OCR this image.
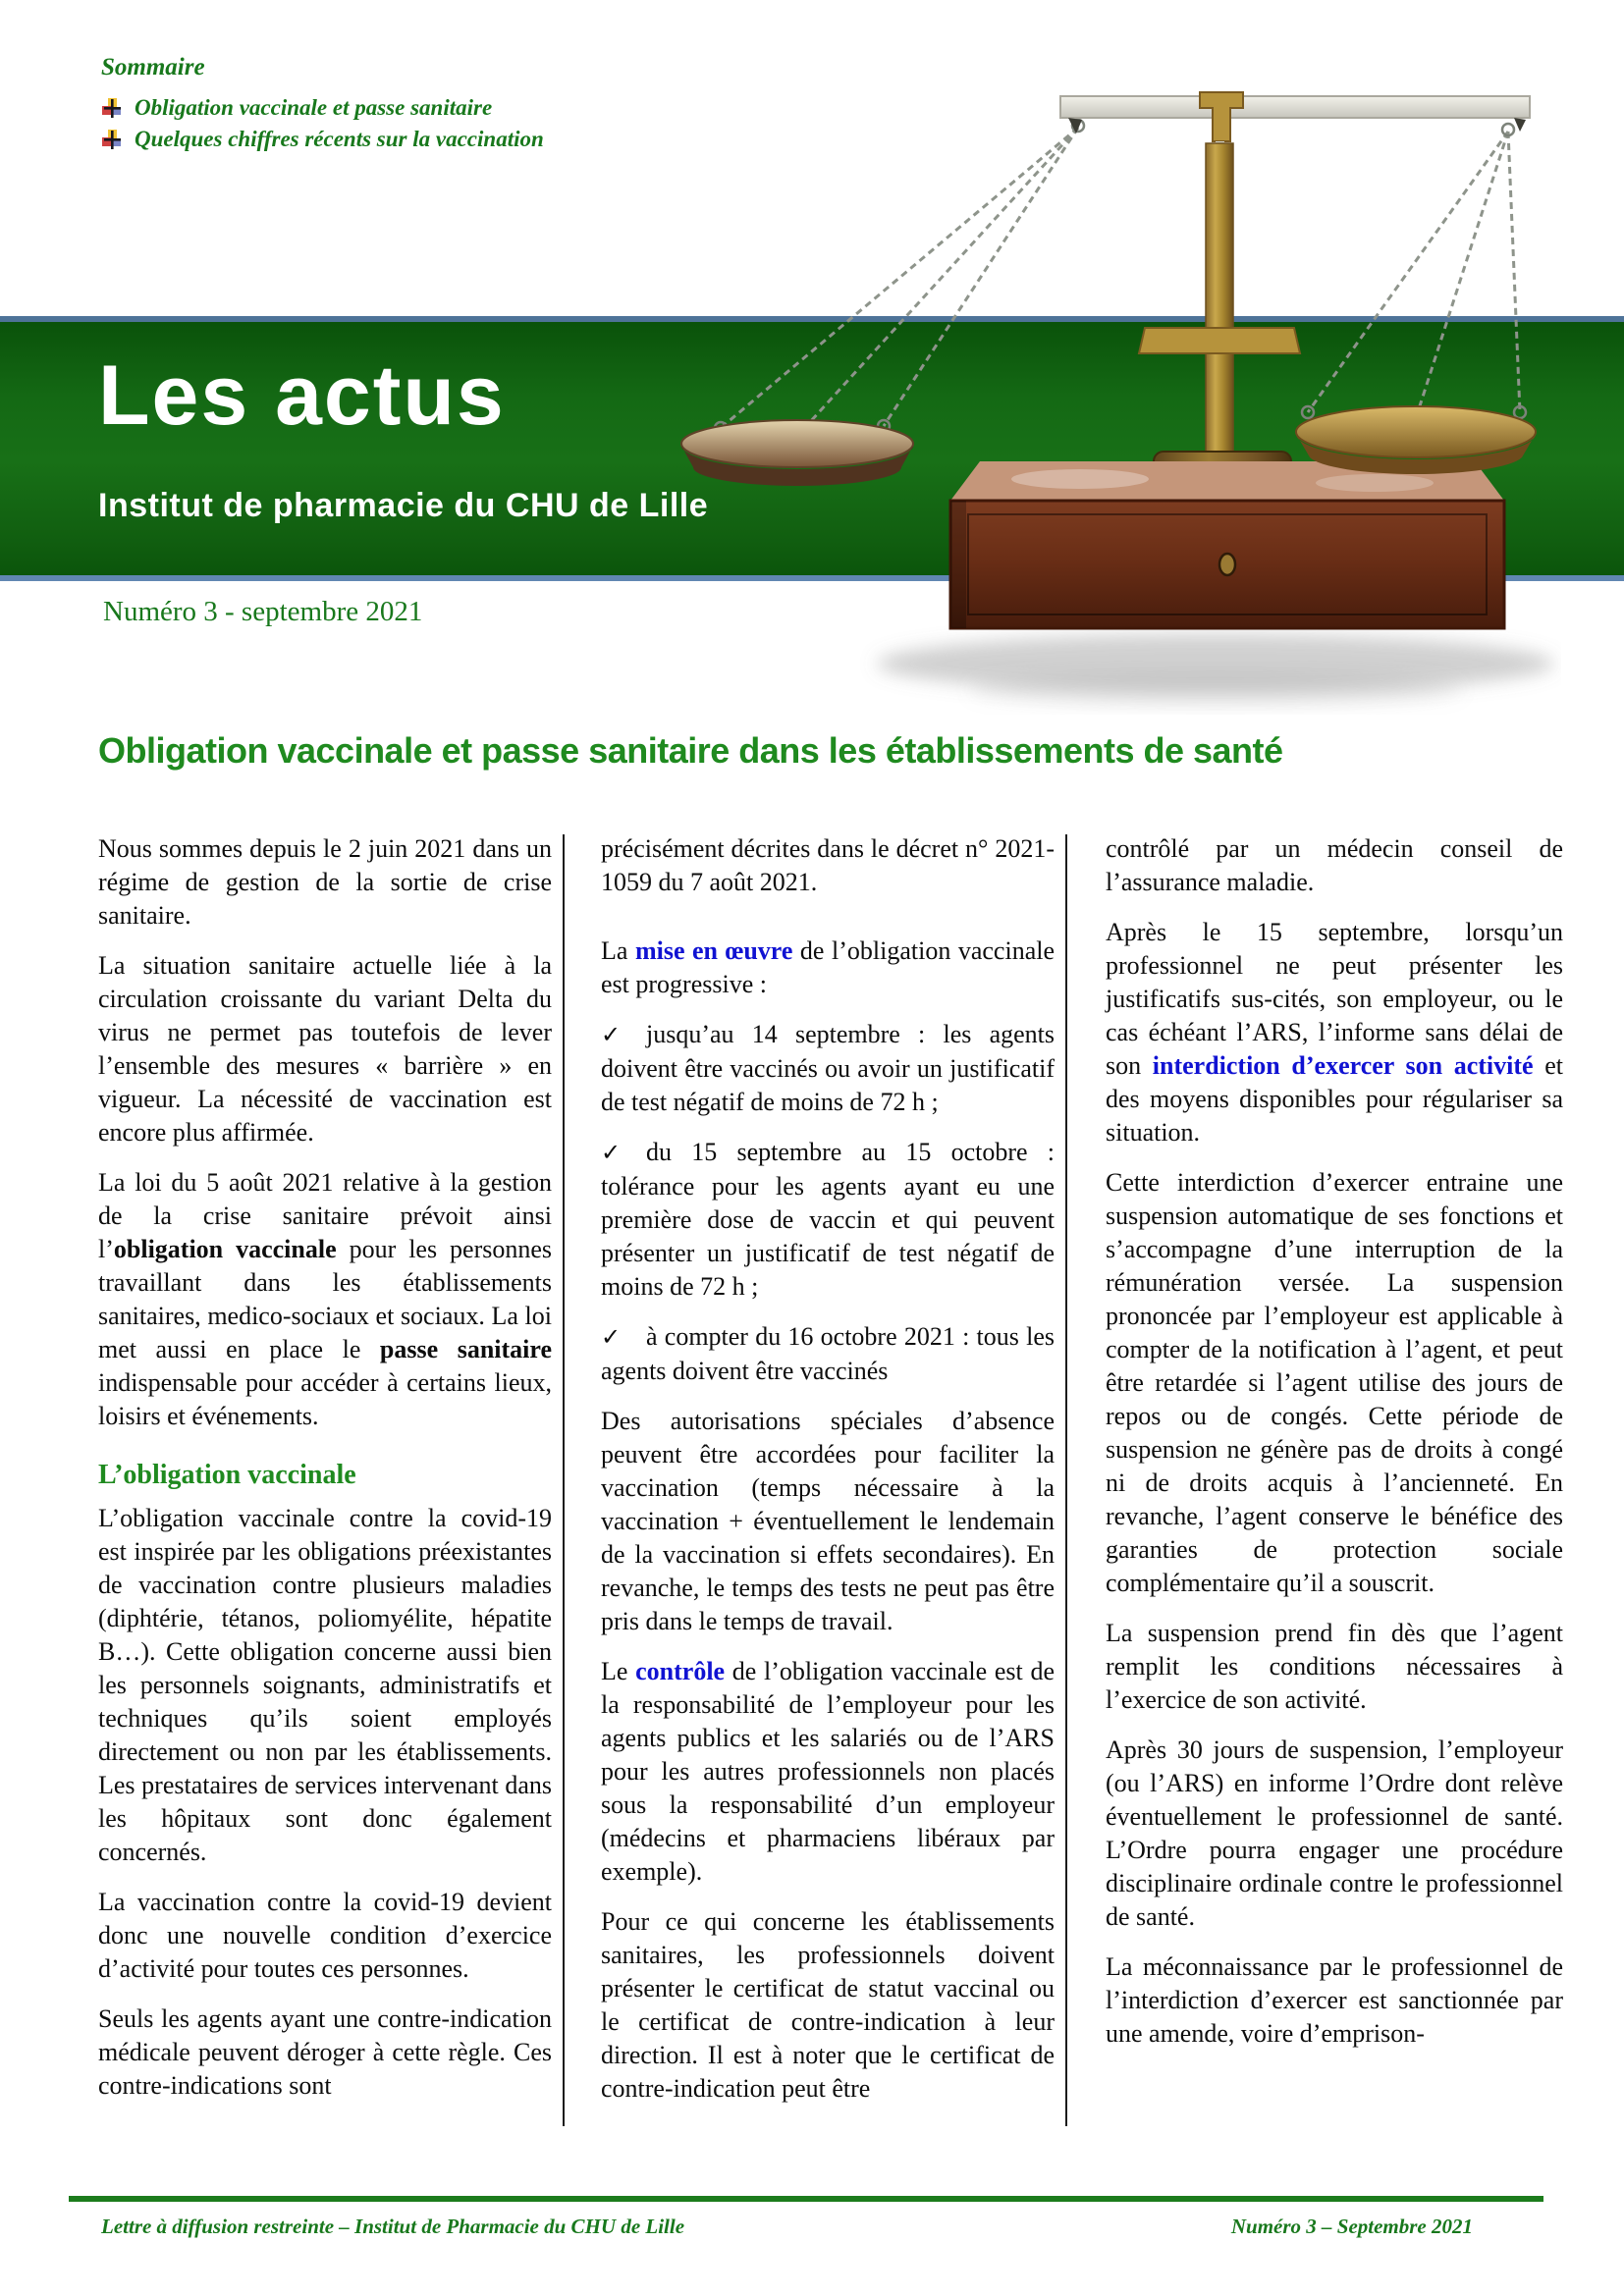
Sommaire
Obligation vaccinale et passe sanitaire
Quelques chiffres récents sur la vaccination
Les actus
Institut de pharmacie du CHU de Lille
Numéro 3 - septembre 2021
Obligation vaccinale et passe sanitaire dans les établissements de santé

Nous sommes depuis le 2 juin 2021 dans un régime de gestion de la sortie de crise sanitaire.

La situation sanitaire actuelle liée à la circulation croissante du variant Delta du virus ne permet pas toutefois de lever l’ensemble des mesures « barrière » en vigueur. La nécessité de vaccination est encore plus affirmée.

La loi du 5 août 2021 relative à la gestion de la crise sanitaire prévoit ainsi l’obligation vaccinale pour les personnes travaillant dans les établissements sanitaires, medico-sociaux et sociaux. La loi met aussi en place le passe sanitaire indispensable pour accéder à certains lieux, loisirs et événements.

L’obligation vaccinale

L’obligation vaccinale contre la covid-19 est inspirée par les obligations préexistantes de vaccination contre plusieurs maladies (diphtérie, tétanos, poliomyélite, hépatite B…). Cette obligation concerne aussi bien les personnels soignants, administratifs et techniques qu’ils soient employés directement ou non par les établissements. Les prestataires de services intervenant dans les hôpitaux sont donc également concernés.

La vaccination contre la covid-19 devient donc une nouvelle condition d’exercice d’activité pour toutes ces personnes.

Seuls les agents ayant une contre-indication médicale peuvent déroger à cette règle. Ces contre-indications sont

précisément décrites dans le décret n° 2021-1059 du 7 août 2021.

La mise en œuvre de l’obligation vaccinale est progressive :

✓ jusqu’au 14 septembre : les agents doivent être vaccinés ou avoir un justificatif de test négatif de moins de 72 h ;

✓ du 15 septembre au 15 octobre : tolérance pour les agents ayant eu une première dose de vaccin et qui peuvent présenter un justificatif de test négatif de moins de 72 h ;

✓ à compter du 16 octobre 2021 : tous les agents doivent être vaccinés

Des autorisations spéciales d’absence peuvent être accordées pour faciliter la vaccination (temps nécessaire à la vaccination + éventuellement le lendemain de la vaccination si effets secondaires). En revanche, le temps des tests ne peut pas être pris dans le temps de travail.

Le contrôle de l’obligation vaccinale est de la responsabilité de l’employeur pour les agents publics et les salariés ou de l’ARS pour les autres professionnels non placés sous la responsabilité d’un employeur (médecins et pharmaciens libéraux par exemple).

Pour ce qui concerne les établissements sanitaires, les professionnels doivent présenter le certificat de statut vaccinal ou le certificat de contre-indication à leur direction. Il est à noter que le certificat de contre-indication peut être

contrôlé par un médecin conseil de l’assurance maladie.

Après le 15 septembre, lorsqu’un professionnel ne peut présenter les justificatifs sus-cités, son employeur, ou le cas échéant l’ARS, l’informe sans délai de son interdiction d’exercer son activité et des moyens disponibles pour régulariser sa situation.

Cette interdiction d’exercer entraine une suspension automatique de ses fonctions et s’accompagne d’une interruption de la rémunération versée. La suspension prononcée par l’employeur est applicable à compter de la notification à l’agent, et peut être retardée si l’agent utilise des jours de repos ou de congés. Cette période de suspension ne génère pas de droits à congé ni de droits acquis à l’ancienneté. En revanche, l’agent conserve le bénéfice des garanties de protection sociale complémentaire qu’il a souscrit.

La suspension prend fin dès que l’agent remplit les conditions nécessaires à l’exercice de son activité.

Après 30 jours de suspension, l’employeur (ou l’ARS) en informe l’Ordre dont relève éventuellement le professionnel de santé. L’Ordre pourra engager une procédure disciplinaire ordinale contre le professionnel de santé.

La méconnaissance par le professionnel de l’interdiction d’exercer est sanctionnée par une amende, voire d’emprison-

Lettre à diffusion restreinte – Institut de Pharmacie du CHU de Lille	Numéro 3 – Septembre 2021
